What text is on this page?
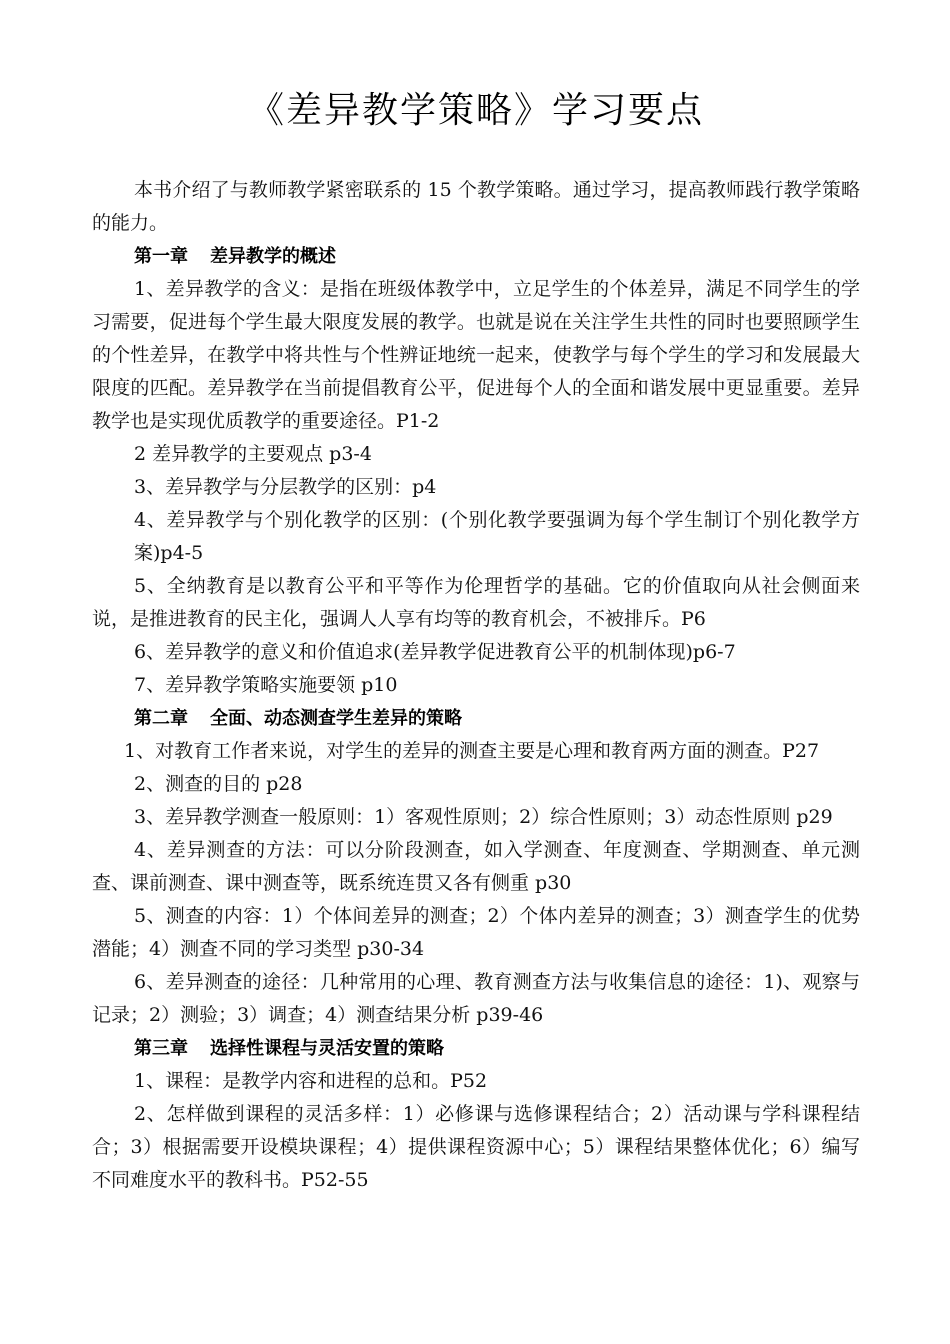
《差异教学策略》学习要点

本书介绍了与教师教学紧密联系的 15 个教学策略。通过学习，提高教师践行教学策略的能力。

第一章 差异教学的概述

1、差异教学的含义：是指在班级体教学中，立足学生的个体差异，满足不同学生的学习需要，促进每个学生最大限度发展的教学。也就是说在关注学生共性的同时也要照顾学生的个性差异，在教学中将共性与个性辨证地统一起来，使教学与每个学生的学习和发展最大限度的匹配。差异教学在当前提倡教育公平，促进每个人的全面和谐发展中更显重要。差异教学也是实现优质教学的重要途径。P1-2

2 差异教学的主要观点 p3-4

3、差异教学与分层教学的区别：p4

4、差异教学与个别化教学的区别：(个别化教学要强调为每个学生制订个别化教学方案)p4-5

5、全纳教育是以教育公平和平等作为伦理哲学的基础。它的价值取向从社会侧面来说，是推进教育的民主化，强调人人享有均等的教育机会，不被排斥。P6

6、差异教学的意义和价值追求(差异教学促进教育公平的机制体现)p6-7

7、差异教学策略实施要领 p10

第二章 全面、动态测查学生差异的策略

1、对教育工作者来说，对学生的差异的测查主要是心理和教育两方面的测查。P27

2、测查的目的 p28

3、差异教学测查一般原则：1）客观性原则；2）综合性原则；3）动态性原则 p29

4、差异测查的方法：可以分阶段测查，如入学测查、年度测查、学期测查、单元测查、课前测查、课中测查等，既系统连贯又各有侧重 p30

5、测查的内容：1）个体间差异的测查；2）个体内差异的测查；3）测查学生的优势潜能；4）测查不同的学习类型 p30-34

6、差异测查的途径：几种常用的心理、教育测查方法与收集信息的途径：1)、观察与记录；2）测验；3）调查；4）测查结果分析 p39-46

第三章 选择性课程与灵活安置的策略

1、课程：是教学内容和进程的总和。P52

2、怎样做到课程的灵活多样：1）必修课与选修课程结合；2）活动课与学科课程结合；3）根据需要开设模块课程；4）提供课程资源中心；5）课程结果整体优化；6）编写不同难度水平的教科书。P52-55
